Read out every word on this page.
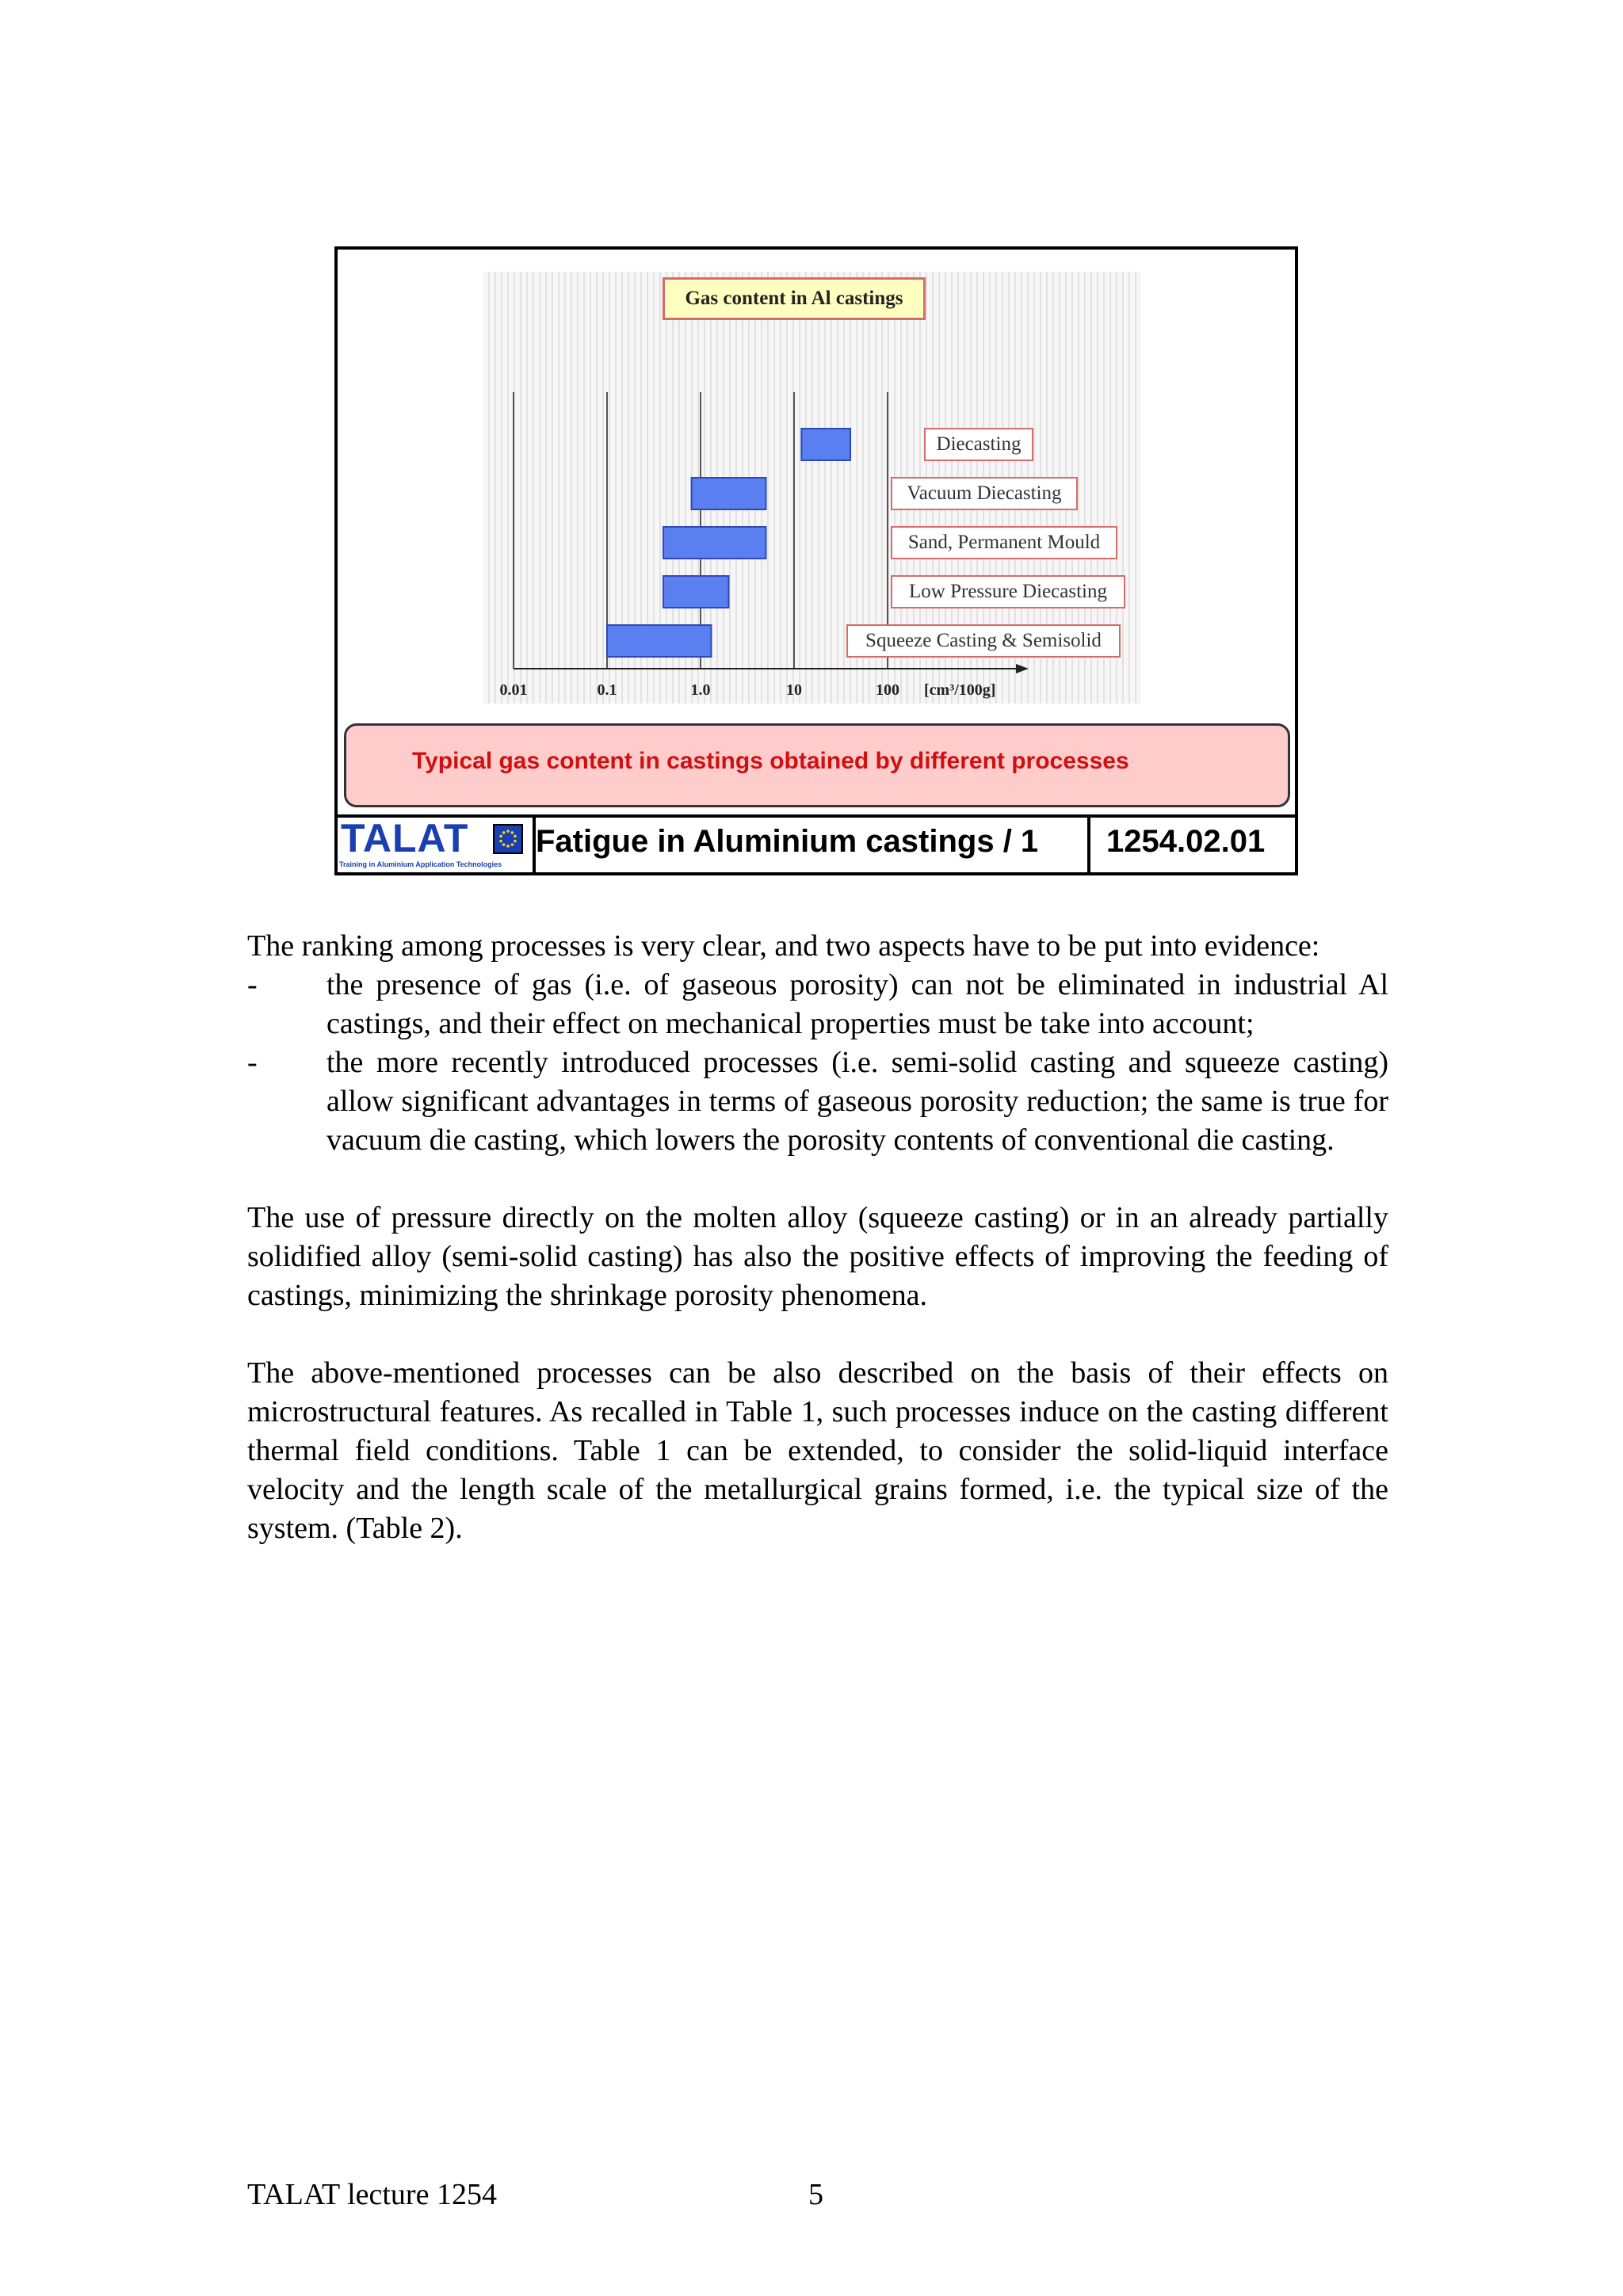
Gas content in Al castings
0.01	0.1	1.0	10	100 [cm³/100g]
Diecasting
Vacuum Diecasting
Sand, Permanent Mould
Low Pressure Diecasting
Squeeze Casting & Semisolid
Typical gas content in castings obtained by different processes
TALAT
Training in Aluminium Application Technologies
Fatigue in Aluminium castings / 1 1254.02.01

The ranking among processes is very clear, and two aspects have to be put into evidence:

- the presence of gas (i.e. of gaseous porosity) can not be eliminated in industrial Al castings, and their effect on mechanical properties must be take into account;
- the more recently introduced processes (i.e. semi-solid casting and squeeze casting) allow significant advantages in terms of gaseous porosity reduction; the same is true for vacuum die casting, which lowers the porosity contents of conventional die casting.

The use of pressure directly on the molten alloy (squeeze casting) or in an already partially solidified alloy (semi-solid casting) has also the positive effects of improving the feeding of castings, minimizing the shrinkage porosity phenomena.

The above-mentioned processes can be also described on the basis of their effects on microstructural features. As recalled in Table 1, such processes induce on the casting different thermal field conditions. Table 1 can be extended, to consider the solid-liquid interface velocity and the length scale of the metallurgical grains formed, i.e. the typical size of the system. (Table 2).

TALAT lecture 1254	5
